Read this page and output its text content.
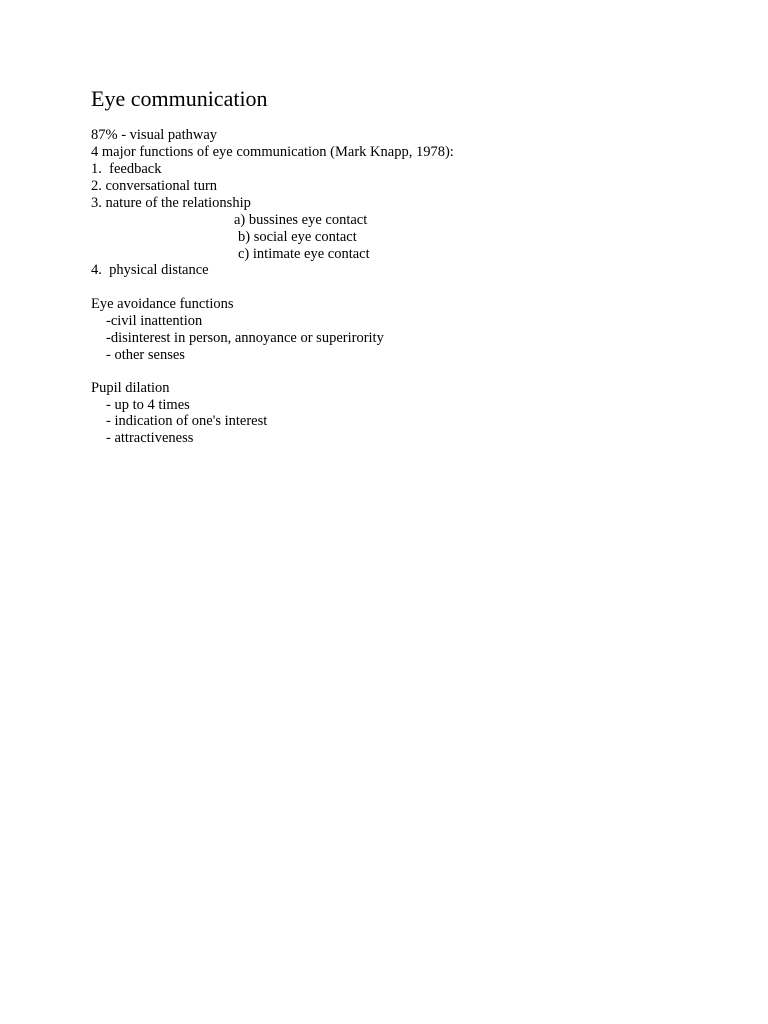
Eye communication

87% - visual pathway

4 major functions of eye communication (Mark Knapp, 1978):

1.  feedback

2. conversational turn

3. nature of the relationship

a) bussines eye contact

b) social eye contact

c) intimate eye contact

4.  physical distance

Eye avoidance functions

-civil inattention

-disinterest in person, annoyance or superirority

- other senses

Pupil dilation

- up to 4 times

- indication of one's interest

- attractiveness
